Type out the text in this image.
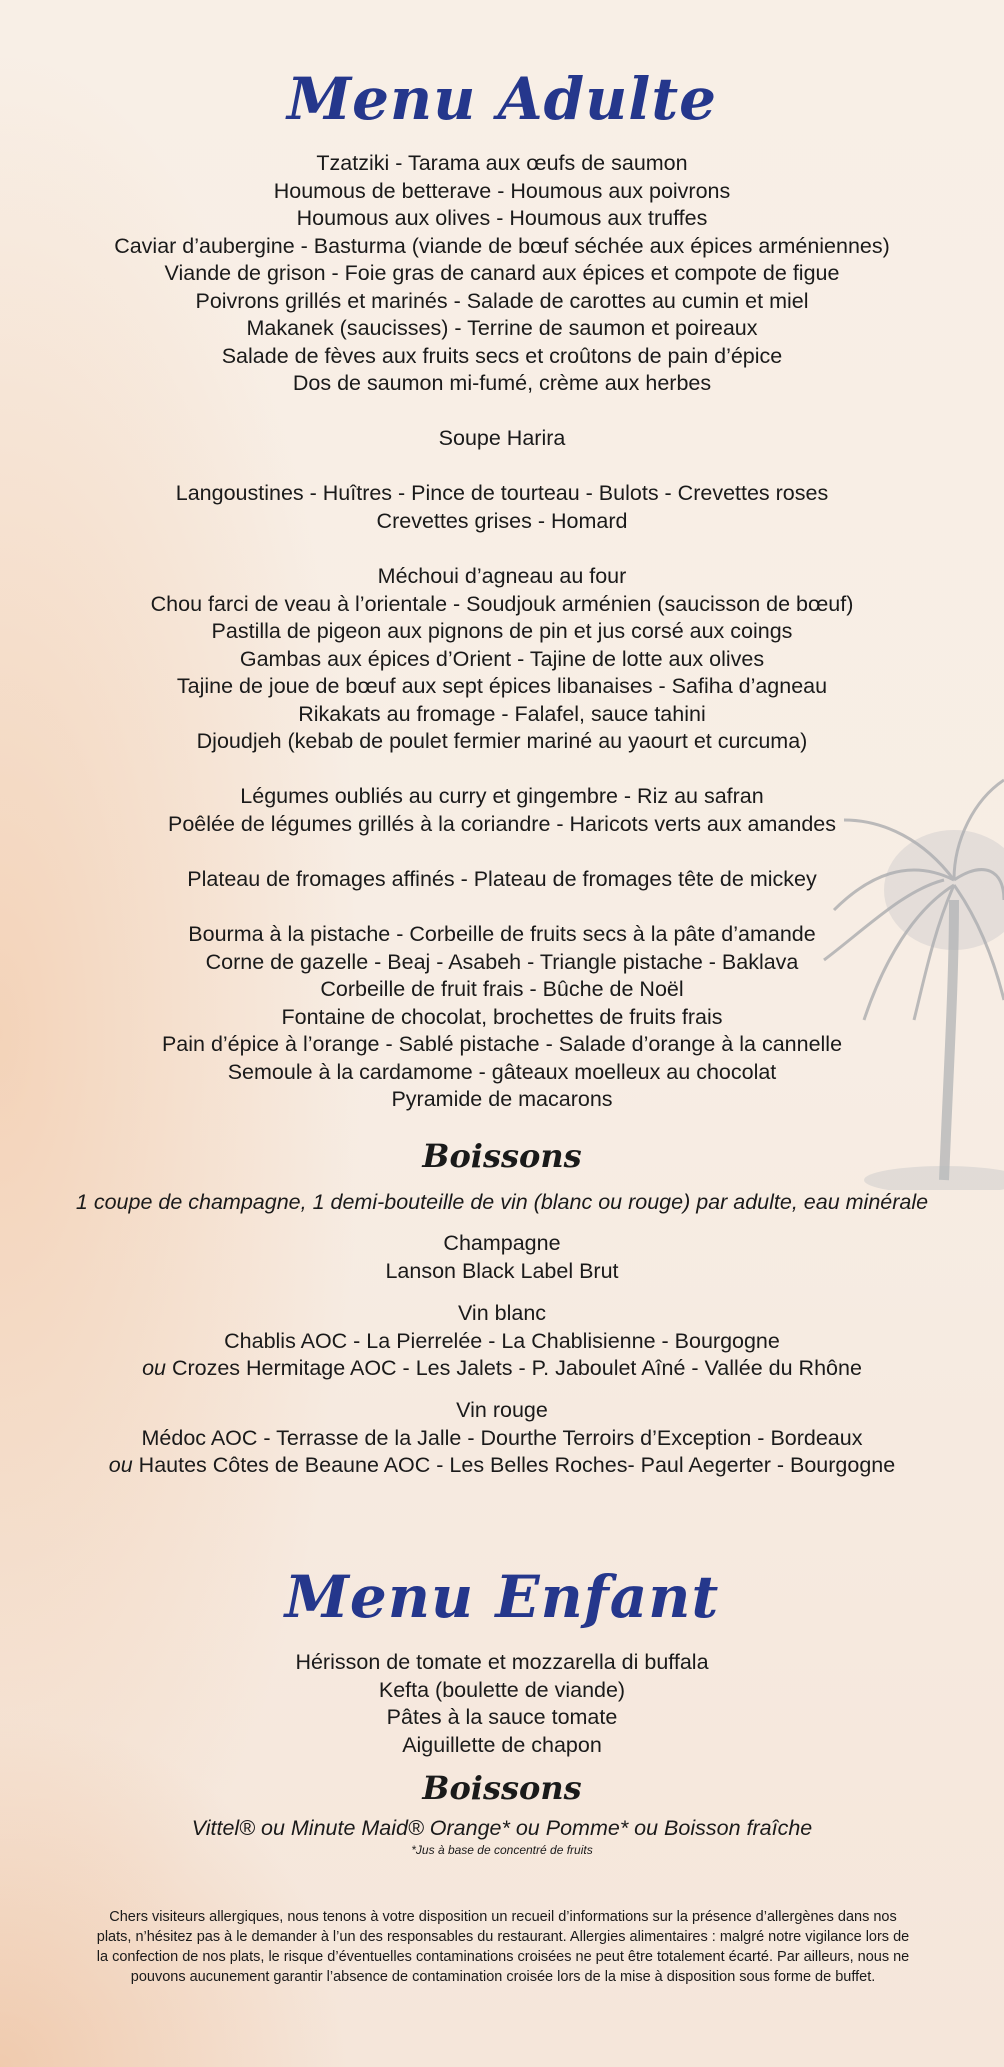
Menu Adulte

Tzatziki - Tarama aux œufs de saumon

Houmous de betterave - Houmous aux poivrons

Houmous aux olives - Houmous aux truffes

Caviar d’aubergine - Basturma (viande de bœuf séchée aux épices arméniennes)

Viande de grison - Foie gras de canard aux épices et compote de figue

Poivrons grillés et marinés - Salade de carottes au cumin et miel

Makanek (saucisses) - Terrine de saumon et poireaux

Salade de fèves aux fruits secs et croûtons de pain d’épice

Dos de saumon mi-fumé, crème aux herbes

Soupe Harira

Langoustines - Huîtres - Pince de tourteau - Bulots - Crevettes roses

Crevettes grises - Homard

Méchoui d’agneau au four

Chou farci de veau à l’orientale - Soudjouk arménien (saucisson de bœuf)

Pastilla de pigeon aux pignons de pin et jus corsé aux coings

Gambas aux épices d’Orient - Tajine de lotte aux olives

Tajine de joue de bœuf aux sept épices libanaises - Safiha d’agneau

Rikakats au fromage - Falafel, sauce tahini

Djoudjeh (kebab de poulet fermier mariné au yaourt et curcuma)

Légumes oubliés au curry et gingembre - Riz au safran

Poêlée de légumes grillés à la coriandre - Haricots verts aux amandes

Plateau de fromages affinés - Plateau de fromages tête de mickey

Bourma à la pistache - Corbeille de fruits secs à la pâte d’amande

Corne de gazelle - Beaj - Asabeh - Triangle pistache - Baklava

Corbeille de fruit frais - Bûche de Noël

Fontaine de chocolat, brochettes de fruits frais

Pain d’épice à l’orange - Sablé pistache - Salade d’orange à la cannelle

Semoule à la cardamome - gâteaux moelleux au chocolat

Pyramide de macarons

Boissons

1 coupe de champagne, 1 demi-bouteille de vin (blanc ou rouge) par adulte, eau minérale

Champagne

Lanson Black Label Brut

Vin blanc

Chablis AOC - La Pierrelée - La Chablisienne - Bourgogne

ou Crozes Hermitage AOC - Les Jalets - P. Jaboulet Aîné - Vallée du Rhône

Vin rouge

Médoc AOC - Terrasse de la Jalle - Dourthe Terroirs d’Exception - Bordeaux

ou Hautes Côtes de Beaune AOC - Les Belles Roches- Paul Aegerter - Bourgogne

Menu Enfant

Hérisson de tomate et mozzarella di buffala

Kefta (boulette de viande)

Pâtes à la sauce tomate

Aiguillette de chapon

Boissons

Vittel® ou Minute Maid® Orange* ou Pomme* ou Boisson fraîche

*Jus à base de concentré de fruits

Chers visiteurs allergiques, nous tenons à votre disposition un recueil d’informations sur la présence d’allergènes dans nos

plats, n’hésitez pas à le demander à l’un des responsables du restaurant. Allergies alimentaires : malgré notre vigilance lors de

la confection de nos plats, le risque d’éventuelles contaminations croisées ne peut être totalement écarté. Par ailleurs, nous ne

pouvons aucunement garantir l’absence de contamination croisée lors de la mise à disposition sous forme de buffet.
